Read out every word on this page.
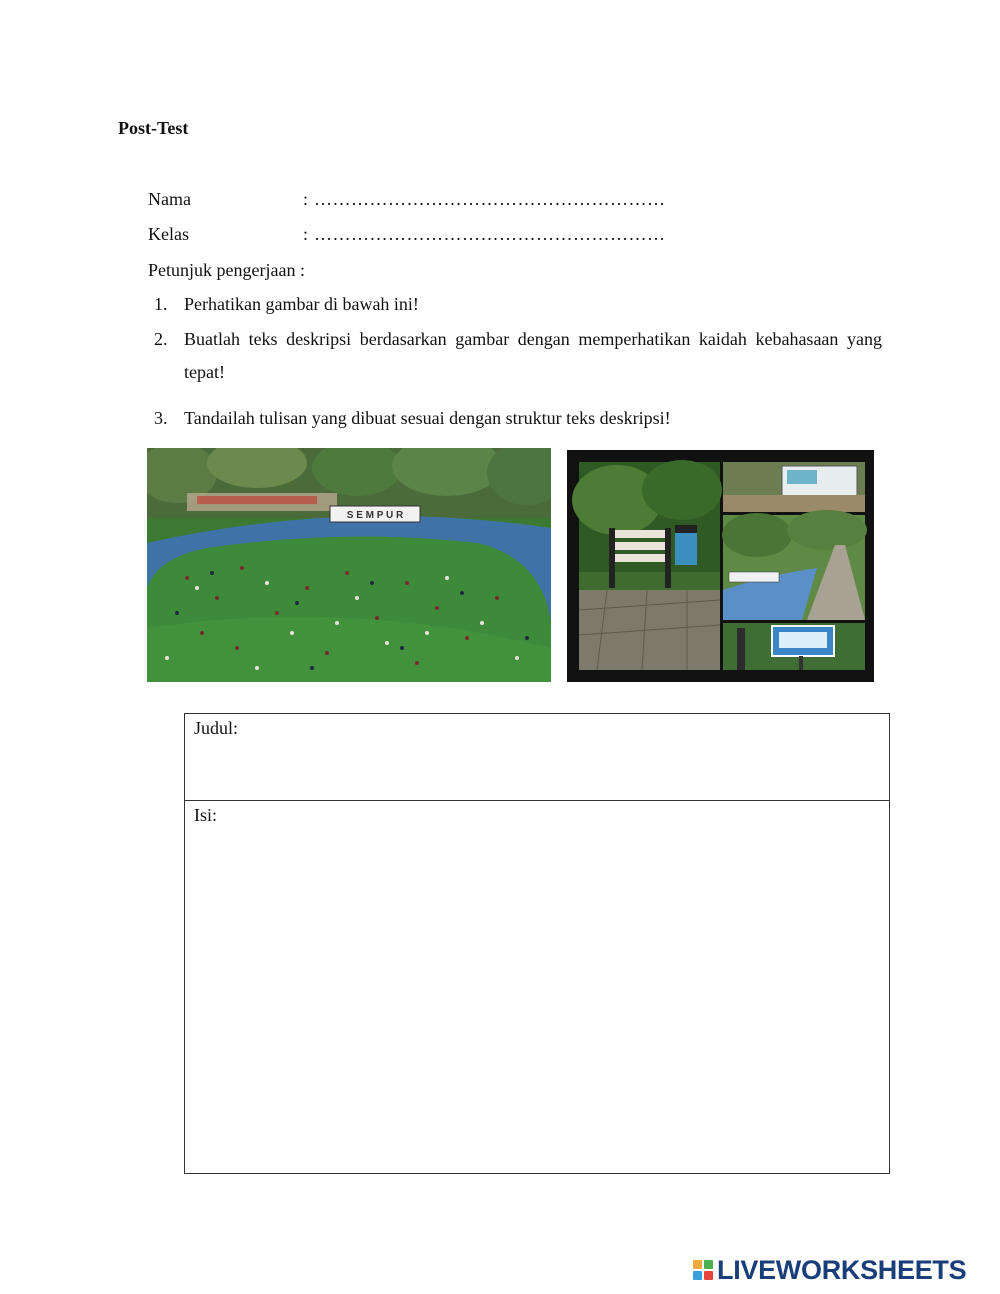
Post-Test
Nama	: …………………………………………………
Kelas	: …………………………………………………
Petunjuk pengerjaan :
1. Perhatikan gambar di bawah ini!
2. Buatlah teks deskripsi berdasarkan gambar dengan memperhatikan kaidah kebahasaan yang tepat!
3. Tandailah tulisan yang dibuat sesuai dengan struktur teks deskripsi!
S E M P U R
Judul:
Isi:
LIVEWORKSHEETS
